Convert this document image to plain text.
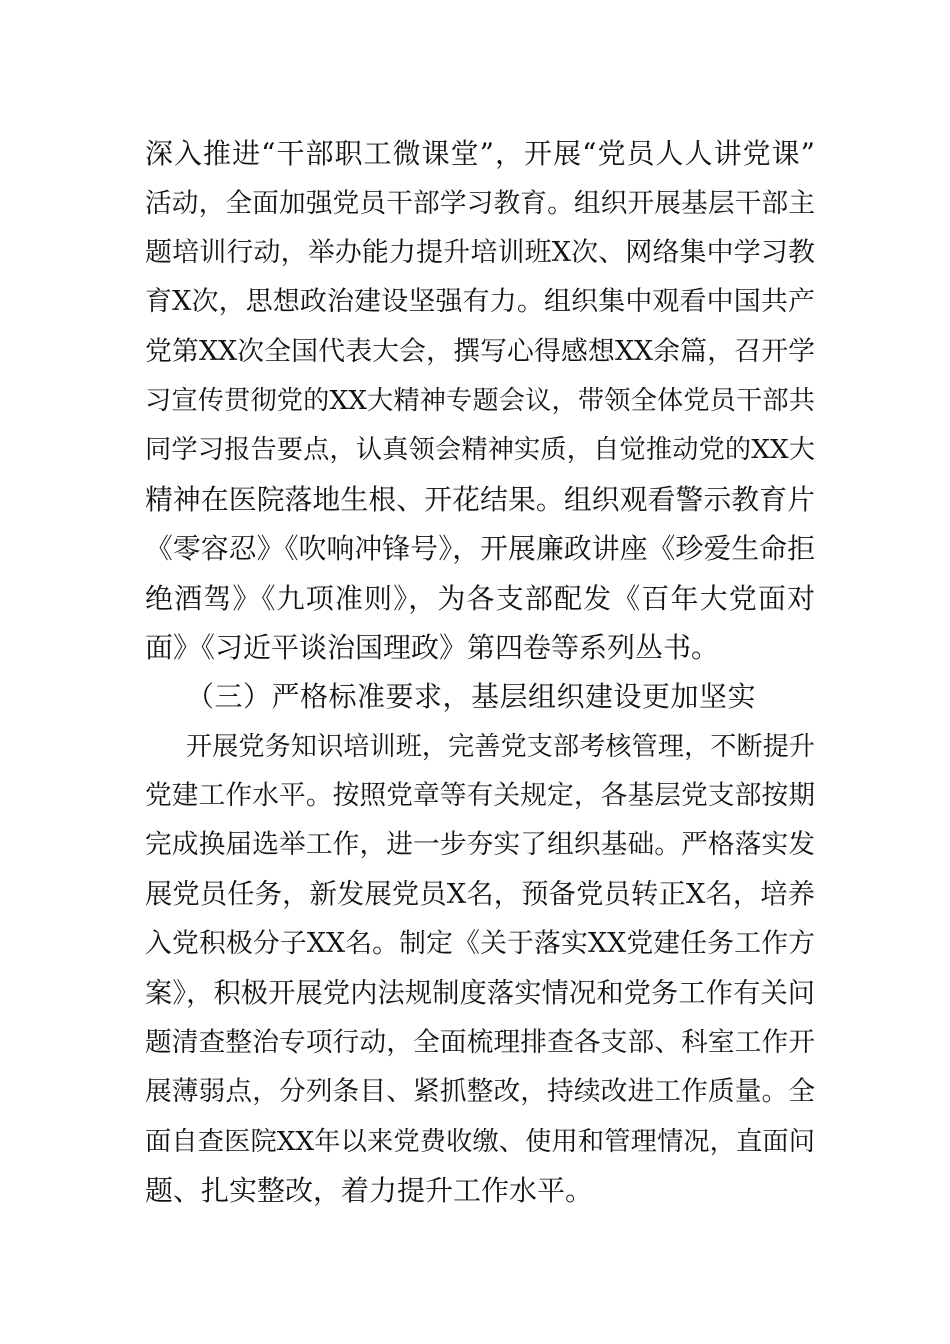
深入推进“干部职工微课堂”，开展“党员人人讲党课”
活动，全面加强党员干部学习教育。组织开展基层干部主
题培训行动，举办能力提升培训班X次、网络集中学习教
育X次，思想政治建设坚强有力。组织集中观看中国共产
党第XX次全国代表大会，撰写心得感想XX余篇，召开学
习宣传贯彻党的XX大精神专题会议，带领全体党员干部共
同学习报告要点，认真领会精神实质，自觉推动党的XX大
精神在医院落地生根、开花结果。组织观看警示教育片
《零容忍》《吹响冲锋号》，开展廉政讲座《珍爱生命拒
绝酒驾》《九项准则》，为各支部配发《百年大党面对
面》《习近平谈治国理政》第四卷等系列丛书。
（三）严格标准要求，基层组织建设更加坚实
开展党务知识培训班，完善党支部考核管理，不断提升
党建工作水平。按照党章等有关规定，各基层党支部按期
完成换届选举工作，进一步夯实了组织基础。严格落实发
展党员任务，新发展党员X名，预备党员转正X名，培养
入党积极分子XX名。制定《关于落实XX党建任务工作方
案》，积极开展党内法规制度落实情况和党务工作有关问
题清查整治专项行动，全面梳理排查各支部、科室工作开
展薄弱点，分列条目、紧抓整改，持续改进工作质量。全
面自查医院XX年以来党费收缴、使用和管理情况，直面问
题、扎实整改，着力提升工作水平。
